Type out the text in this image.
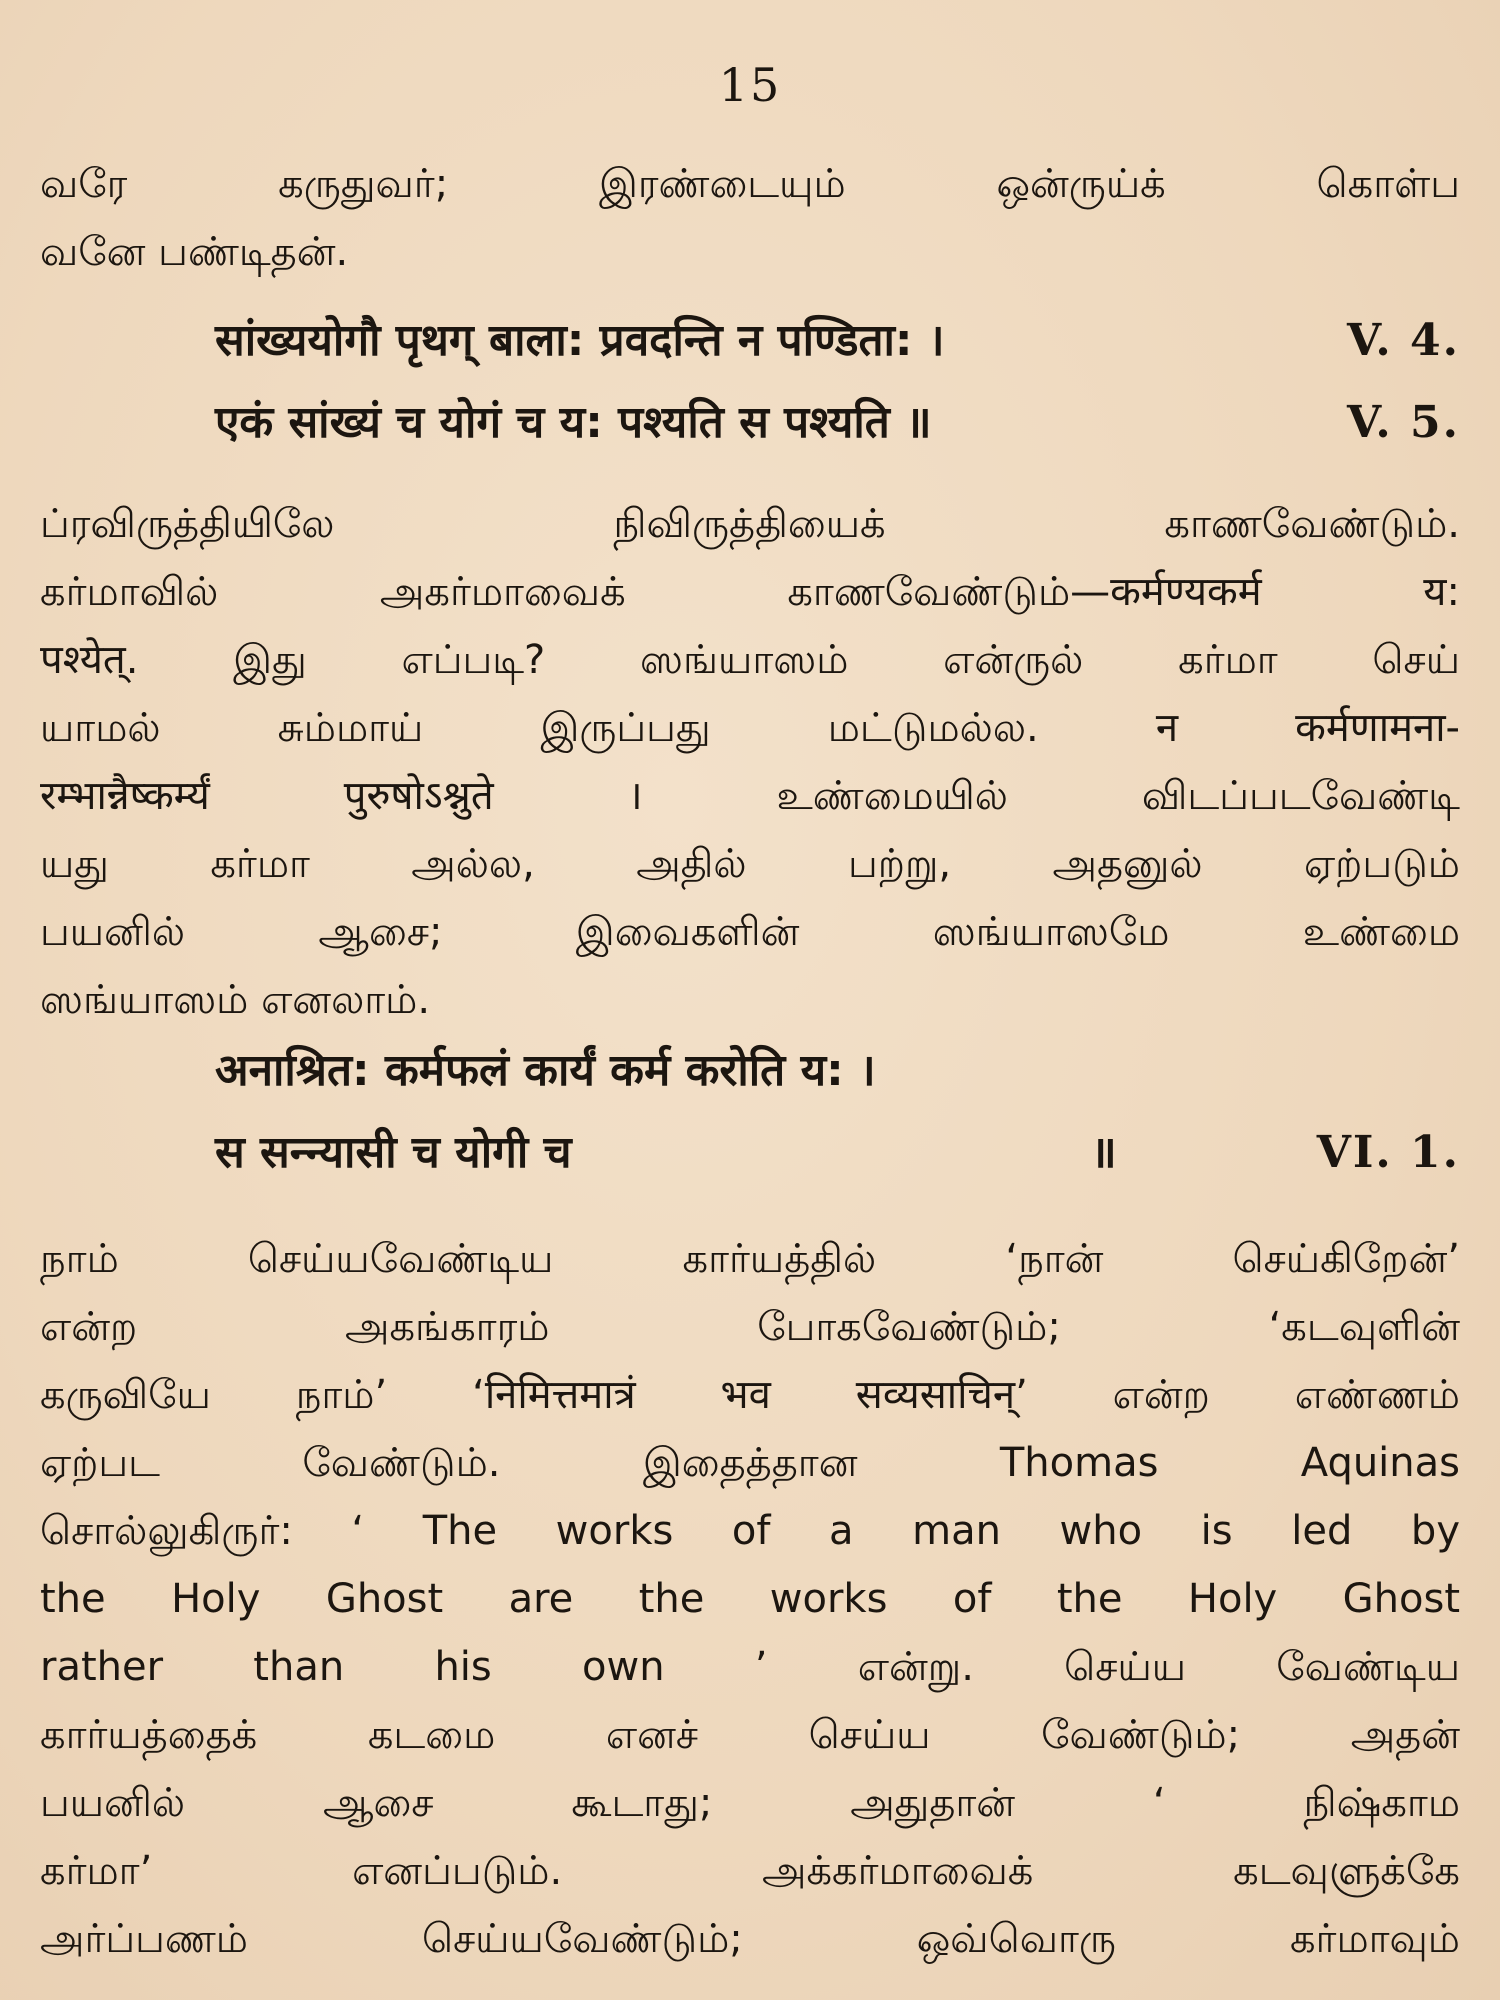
15
வரே கருதுவர்; இரண்டையும் ஒன்ருய்க் கொள்ப
வனே பண்டிதன்.
सांख्ययोगौ पृथग् बाला: प्रवदन्ति न पण्डिता: ।	V. 4.
एकं सांख्यं च योगं च य: पश्यति स पश्यति ॥	V. 5.
ப்ரவிருத்தியிலே நிவிருத்தியைக் காணவேண்டும்.
கர்மாவில் அகர்மாவைக் காணவேண்டும்—कर्मण्यकर्म य:
पश्येत्. இது எப்படி? ஸங்யாஸம் என்ருல் கர்மா செய்
யாமல் சும்மாய் இருப்பது மட்டுமல்ல. न कर्मणामना-
रम्भान्नैष्कर्म्यं पुरुषोऽश्नुते । உண்மையில் விடப்படவேண்டி
யது கர்மா அல்ல, அதில் பற்று, அதனுல் ஏற்படும்
பயனில் ஆசை; இவைகளின் ஸங்யாஸமே உண்மை
ஸங்யாஸம் எனலாம்.
अनाश्रित: कर्मफलं कार्यं कर्म करोति य: ।
स सन्न्यासी च योगी च	॥	VI. 1.
நாம் செய்யவேண்டிய கார்யத்தில் ‘நான் செய்கிறேன்’
என்ற அகங்காரம் போகவேண்டும்; ‘கடவுளின்
கருவியே நாம்’ ‘निमित्तमात्रं भव सव्यसाचिन्’ என்ற எண்ணம்
ஏற்பட வேண்டும். இதைத்தான Thomas Aquinas
சொல்லுகிருர்: ‘ The works of a man who is led by
the Holy Ghost are the works of the Holy Ghost
rather than his own ’ என்று. செய்ய வேண்டிய
கார்யத்தைக் கடமை எனச் செய்ய வேண்டும்; அதன்
பயனில் ஆசை கூடாது; அதுதான் ‘ நிஷ்காம
கர்மா’ எனப்படும். அக்கர்மாவைக் கடவுளுக்கே
அர்ப்பணம் செய்யவேண்டும்; ஒவ்வொரு கர்மாவும்
